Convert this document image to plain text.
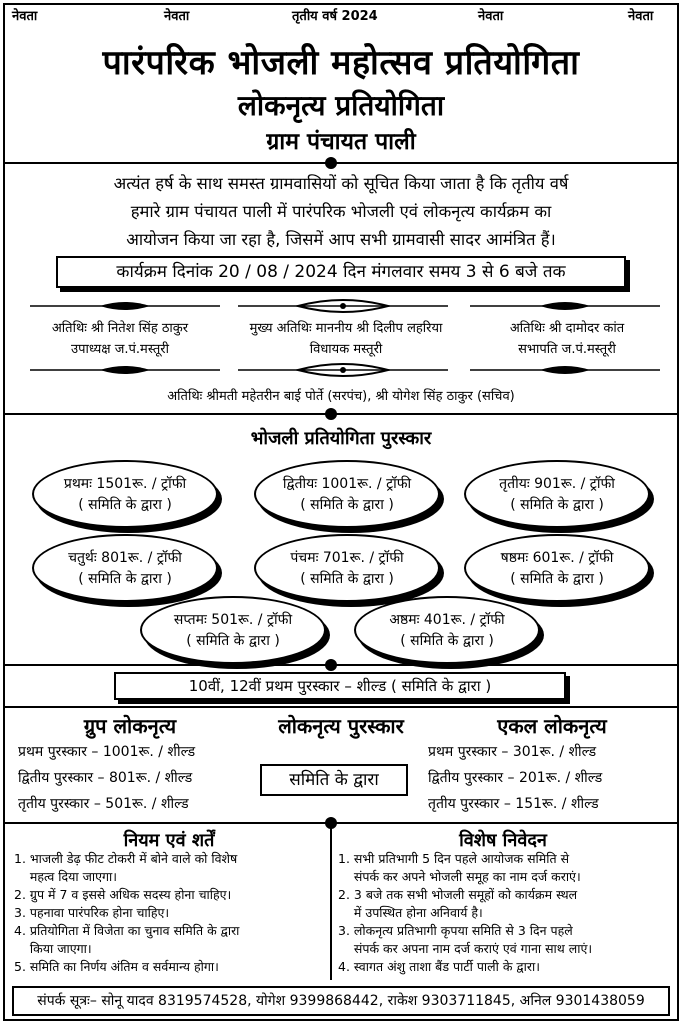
नेवता	नेवता	तृतीय वर्ष 2024	नेवता	नेवता
पारंपरिक भोजली महोत्सव प्रतियोगिता
लोकनृत्य प्रतियोगिता
ग्राम पंचायत पाली
अत्यंत हर्ष के साथ समस्त ग्रामवासियों को सूचित किया जाता है कि तृतीय वर्ष
हमारे ग्राम पंचायत पाली में पारंपरिक भोजली एवं लोकनृत्य कार्यक्रम का
आयोजन किया जा रहा है, जिसमें आप सभी ग्रामवासी सादर आमंत्रित हैं।
कार्यक्रम दिनांक 20 / 08 / 2024 दिन मंगलवार समय 3 से 6 बजे तक
अतिथिः श्री नितेश सिंह ठाकुर
उपाध्यक्ष ज.पं.मस्तूरी
मुख्य अतिथिः माननीय श्री दिलीप लहरिया
विधायक मस्तूरी
अतिथिः श्री दामोदर कांत
सभापति ज.पं.मस्तूरी
अतिथिः श्रीमती महेतरीन बाई पोर्ते (सरपंच), श्री योगेश सिंह ठाकुर (सचिव)
भोजली प्रतियोगिता पुरस्कार
प्रथमः 1501रू. / ट्रॉफी
( समिति के द्वारा )
द्वितीयः 1001रू. / ट्रॉफी
( समिति के द्वारा )
तृतीयः 901रू. / ट्रॉफी
( समिति के द्वारा )
चतुर्थः 801रू. / ट्रॉफी
( समिति के द्वारा )
पंचमः 701रू. / ट्रॉफी
( समिति के द्वारा )
षष्ठमः 601रू. / ट्रॉफी
( समिति के द्वारा )
सप्तमः 501रू. / ट्रॉफी
( समिति के द्वारा )
अष्ठमः 401रू. / ट्रॉफी
( समिति के द्वारा )
10वीं, 12वीं प्रथम पुरस्कार – शील्ड ( समिति के द्वारा )
ग्रुप लोकनृत्य	लोकनृत्य पुरस्कार	एकल लोकनृत्य
प्रथम पुरस्कार – 1001रू. / शील्ड
द्वितीय पुरस्कार – 801रू. / शील्ड
तृतीय पुरस्कार – 501रू. / शील्ड
समिति के द्वारा
प्रथम पुरस्कार – 301रू. / शील्ड
द्वितीय पुरस्कार – 201रू. / शील्ड
तृतीय पुरस्कार – 151रू. / शील्ड
नियम एवं शर्तें
1. भाजली डेढ़ फीट टोकरी में बोने वाले को विशेष
महत्व दिया जाएगा।
2. ग्रुप में 7 व इससे अधिक सदस्य होना चाहिए।
3. पहनावा पारंपरिक होना चाहिए।
4. प्रतियोगिता में विजेता का चुनाव समिति के द्वारा
किया जाएगा।
5. समिति का निर्णय अंतिम व सर्वमान्य होगा।
विशेष निवेदन
1. सभी प्रतिभागी 5 दिन पहले आयोजक समिति से
संपर्क कर अपने भोजली समूह का नाम दर्ज कराएं।
2. 3 बजे तक सभी भोजली समूहों को कार्यक्रम स्थल
में उपस्थित होना अनिवार्य है।
3. लोकनृत्य प्रतिभागी कृपया समिति से 3 दिन पहले
संपर्क कर अपना नाम दर्ज कराएं एवं गाना साथ लाएं।
4. स्वागत अंशु ताशा बैंड पार्टी पाली के द्वारा।
संपर्क सूत्रः– सोनू यादव 8319574528, योगेश 9399868442, राकेश 9303711845, अनिल 9301438059
